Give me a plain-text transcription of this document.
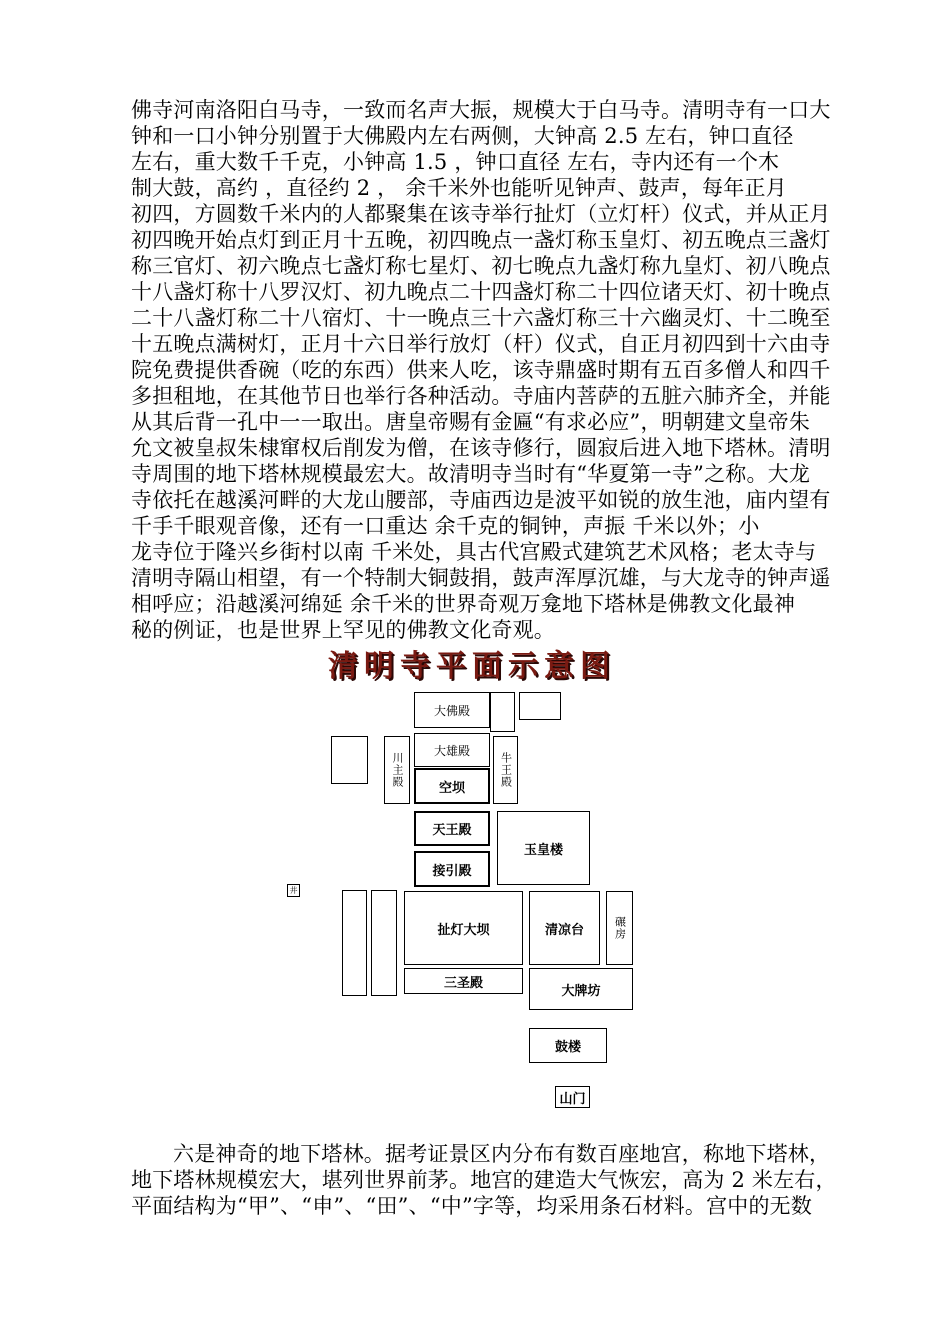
佛寺河南洛阳白马寺，一致而名声大振，规模大于白马寺。清明寺有一口大
钟和一口小钟分别置于大佛殿内左右两侧，大钟高 2.5 左右，钟口直径
左右，重大数千千克，小钟高 1.5 ，钟口直径 左右，寺内还有一个木
制大鼓，高约 ，直径约 2 ， 余千米外也能听见钟声、鼓声，每年正月
初四，方圆数千米内的人都聚集在该寺举行扯灯（立灯杆）仪式，并从正月
初四晚开始点灯到正月十五晚，初四晚点一盏灯称玉皇灯、初五晚点三盏灯
称三官灯、初六晚点七盏灯称七星灯、初七晚点九盏灯称九皇灯、初八晚点
十八盏灯称十八罗汉灯、初九晚点二十四盏灯称二十四位诸天灯、初十晚点
二十八盏灯称二十八宿灯、十一晚点三十六盏灯称三十六幽灵灯、十二晚至
十五晚点满树灯，正月十六日举行放灯（杆）仪式，自正月初四到十六由寺
院免费提供香碗（吃的东西）供来人吃，该寺鼎盛时期有五百多僧人和四千
多担租地，在其他节日也举行各种活动。寺庙内菩萨的五脏六肺齐全，并能
从其后背一孔中一一取出。唐皇帝赐有金匾“有求必应”，明朝建文皇帝朱
允文被皇叔朱棣窜权后削发为僧，在该寺修行，圆寂后进入地下塔林。清明
寺周围的地下塔林规模最宏大。故清明寺当时有“华夏第一寺”之称。大龙
寺依托在越溪河畔的大龙山腰部，寺庙西边是波平如锐的放生池，庙内望有
千手千眼观音像，还有一口重达 余千克的铜钟，声振 千米以外；小
龙寺位于隆兴乡街村以南 千米处，具古代宫殿式建筑艺术风格；老太寺与
清明寺隔山相望，有一个特制大铜鼓捐，鼓声浑厚沉雄，与大龙寺的钟声遥
相呼应；沿越溪河绵延 余千米的世界奇观万龛地下塔林是佛教文化最神
秘的例证，也是世界上罕见的佛教文化奇观。
清明寺平面示意图
大佛殿
川主殿
大雄殿
空坝	牛王殿
天王殿
玉皇楼
接引殿
井
扯灯大坝	清凉台	碾房
三圣殿
大牌坊
鼓楼
山门
六是神奇的地下塔林。据考证景区内分布有数百座地宫，称地下塔林，
地下塔林规模宏大，堪列世界前茅。地宫的建造大气恢宏，高为 2 米左右，
平面结构为“甲”、“申”、“田”、“中”字等，均采用条石材料。宫中的无数
